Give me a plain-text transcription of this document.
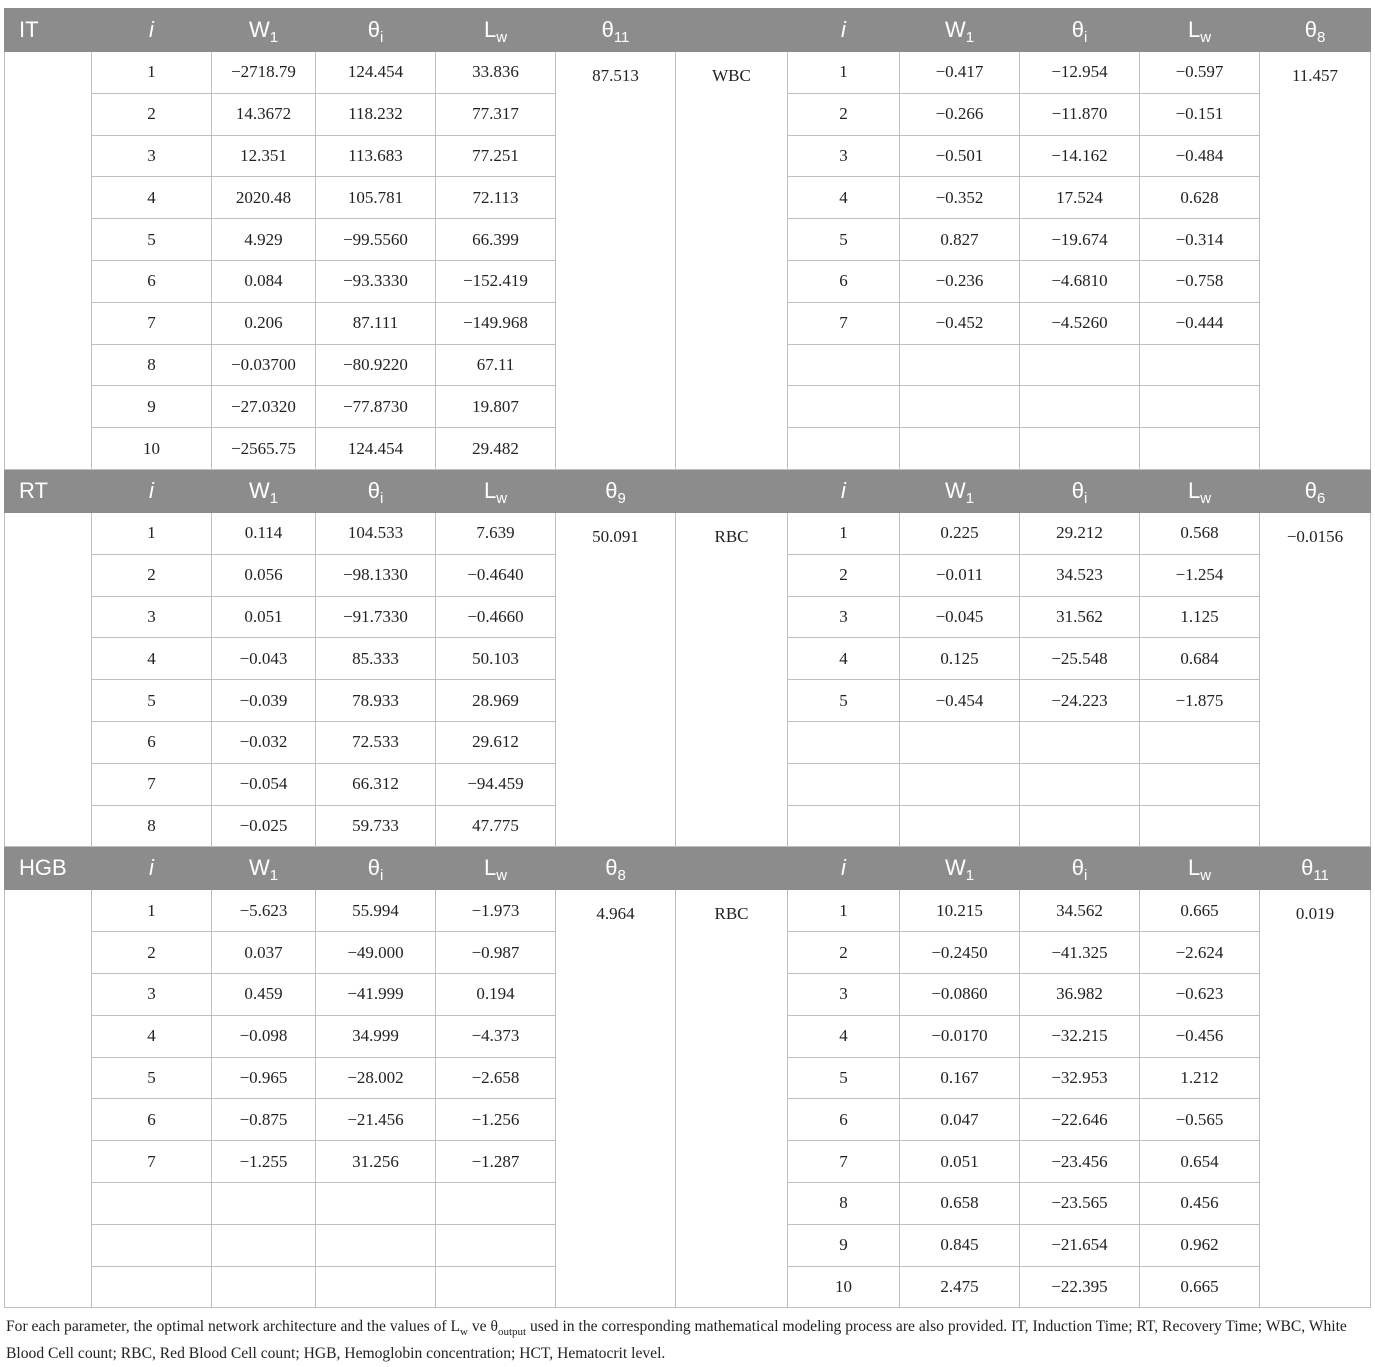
IT	i	$W_1$	$\theta_i$	$L_w$	$\theta_{11}$		i	$W_1$	$\theta_i$	$L_w$	$\theta_8$
	1	−2718.79	124.454	33.836	87.513	WBC	1	−0.417	−12.954	−0.597	11.457
	2	14.3672	118.232	77.317			2	−0.266	−11.870	−0.151	
	3	12.351	113.683	77.251			3	−0.501	−14.162	−0.484	
	4	2020.48	105.781	72.113			4	−0.352	17.524	0.628	
	5	4.929	−99.5560	66.399			5	0.827	−19.674	−0.314	
	6	0.084	−93.3330	−152.419			6	−0.236	−4.6810	−0.758	
	7	0.206	87.111	−149.968			7	−0.452	−4.5260	−0.444	
	8	−0.03700	−80.9220	67.11							
	9	−27.0320	−77.8730	19.807							
	10	−2565.75	124.454	29.482							
RT	i	$W_1$	$\theta_i$	$L_w$	$\theta_9$		i	$W_1$	$\theta_i$	$L_w$	$\theta_6$
	1	0.114	104.533	7.639	50.091	RBC	1	0.225	29.212	0.568	−0.0156
	2	0.056	−98.1330	−0.4640			2	−0.011	34.523	−1.254	
	3	0.051	−91.7330	−0.4660			3	−0.045	31.562	1.125	
	4	−0.043	85.333	50.103			4	0.125	−25.548	0.684	
	5	−0.039	78.933	28.969			5	−0.454	−24.223	−1.875	
	6	−0.032	72.533	29.612							
	7	−0.054	66.312	−94.459							
	8	−0.025	59.733	47.775							
HGB	i	$W_1$	$\theta_i$	$L_w$	$\theta_8$		i	$W_1$	$\theta_i$	$L_w$	$\theta_{11}$
	1	−5.623	55.994	−1.973	4.964	RBC	1	10.215	34.562	0.665	0.019
	2	0.037	−49.000	−0.987			2	−0.2450	−41.325	−2.624	
	3	0.459	−41.999	0.194			3	−0.0860	36.982	−0.623	
	4	−0.098	34.999	−4.373			4	−0.0170	−32.215	−0.456	
	5	−0.965	−28.002	−2.658			5	0.167	−32.953	1.212	
	6	−0.875	−21.456	−1.256			6	0.047	−22.646	−0.565	
	7	−1.255	31.256	−1.287			7	0.051	−23.456	0.654	
							8	0.658	−23.565	0.456	
							9	0.845	−21.654	0.962	
							10	2.475	−22.395	0.665	
For each parameter, the optimal network architecture and the values of $L_w$ ve $\theta_{output}$ used in the corresponding mathematical modeling process are also provided. IT, Induction Time; RT, Recovery Time; WBC, White Blood Cell count; RBC, Red Blood Cell count; HGB, Hemoglobin concentration; HCT, Hematocrit level.
